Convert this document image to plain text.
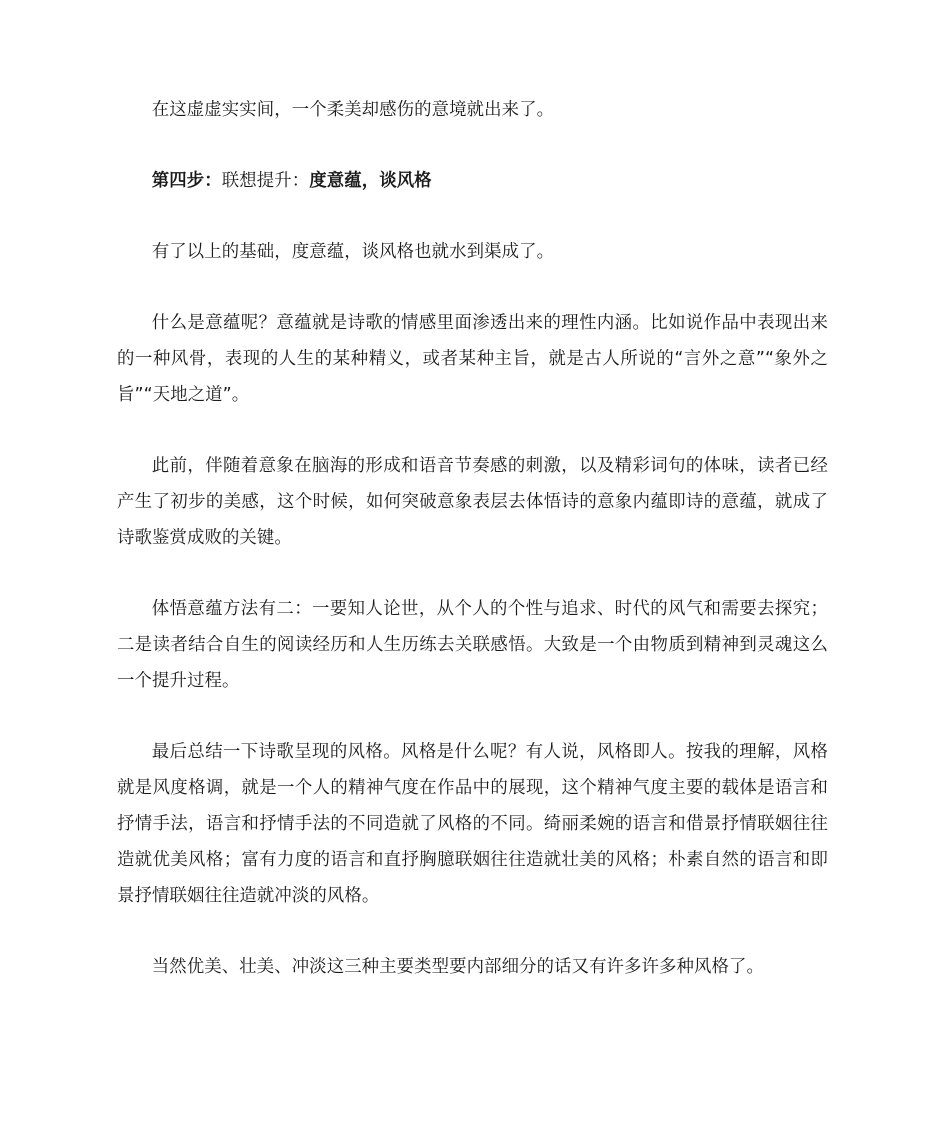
在这虚虚实实间，一个柔美却感伤的意境就出来了。

第四步：联想提升：度意蕴，谈风格

有了以上的基础，度意蕴，谈风格也就水到渠成了。

什么是意蕴呢？意蕴就是诗歌的情感里面渗透出来的理性内涵。比如说作品中表现出来的一种风骨，表现的人生的某种精义，或者某种主旨，就是古人所说的“言外之意”“象外之旨”“天地之道”。

此前，伴随着意象在脑海的形成和语音节奏感的刺激，以及精彩词句的体味，读者已经产生了初步的美感，这个时候，如何突破意象表层去体悟诗的意象内蕴即诗的意蕴，就成了诗歌鉴赏成败的关键。

体悟意蕴方法有二：一要知人论世，从个人的个性与追求、时代的风气和需要去探究；二是读者结合自生的阅读经历和人生历练去关联感悟。大致是一个由物质到精神到灵魂这么一个提升过程。

最后总结一下诗歌呈现的风格。风格是什么呢？有人说，风格即人。按我的理解，风格就是风度格调，就是一个人的精神气度在作品中的展现，这个精神气度主要的载体是语言和抒情手法，语言和抒情手法的不同造就了风格的不同。绮丽柔婉的语言和借景抒情联姻往往造就优美风格；富有力度的语言和直抒胸臆联姻往往造就壮美的风格；朴素自然的语言和即景抒情联姻往往造就冲淡的风格。

当然优美、壮美、冲淡这三种主要类型要内部细分的话又有许多许多种风格了。
